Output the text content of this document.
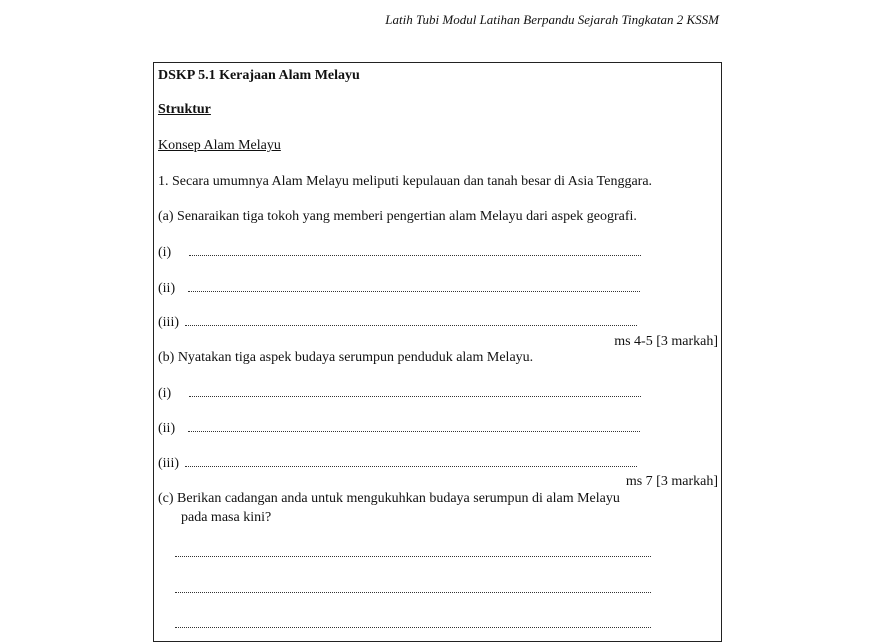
Latih Tubi Modul Latihan Berpandu Sejarah Tingkatan 2 KSSM
DSKP 5.1 Kerajaan Alam Melayu
Struktur
Konsep Alam Melayu
1. Secara umumnya Alam Melayu meliputi kepulauan dan tanah besar di Asia Tenggara.
(a) Senaraikan tiga tokoh yang memberi pengertian alam Melayu dari aspek geografi.
(i)
(ii)
(iii)
ms 4-5 [3 markah]
(b) Nyatakan tiga aspek budaya serumpun penduduk alam Melayu.
(i)
(ii)
(iii)
ms 7 [3 markah]
(c) Berikan cadangan anda untuk mengukuhkan budaya serumpun di alam Melayu
pada masa kini?
